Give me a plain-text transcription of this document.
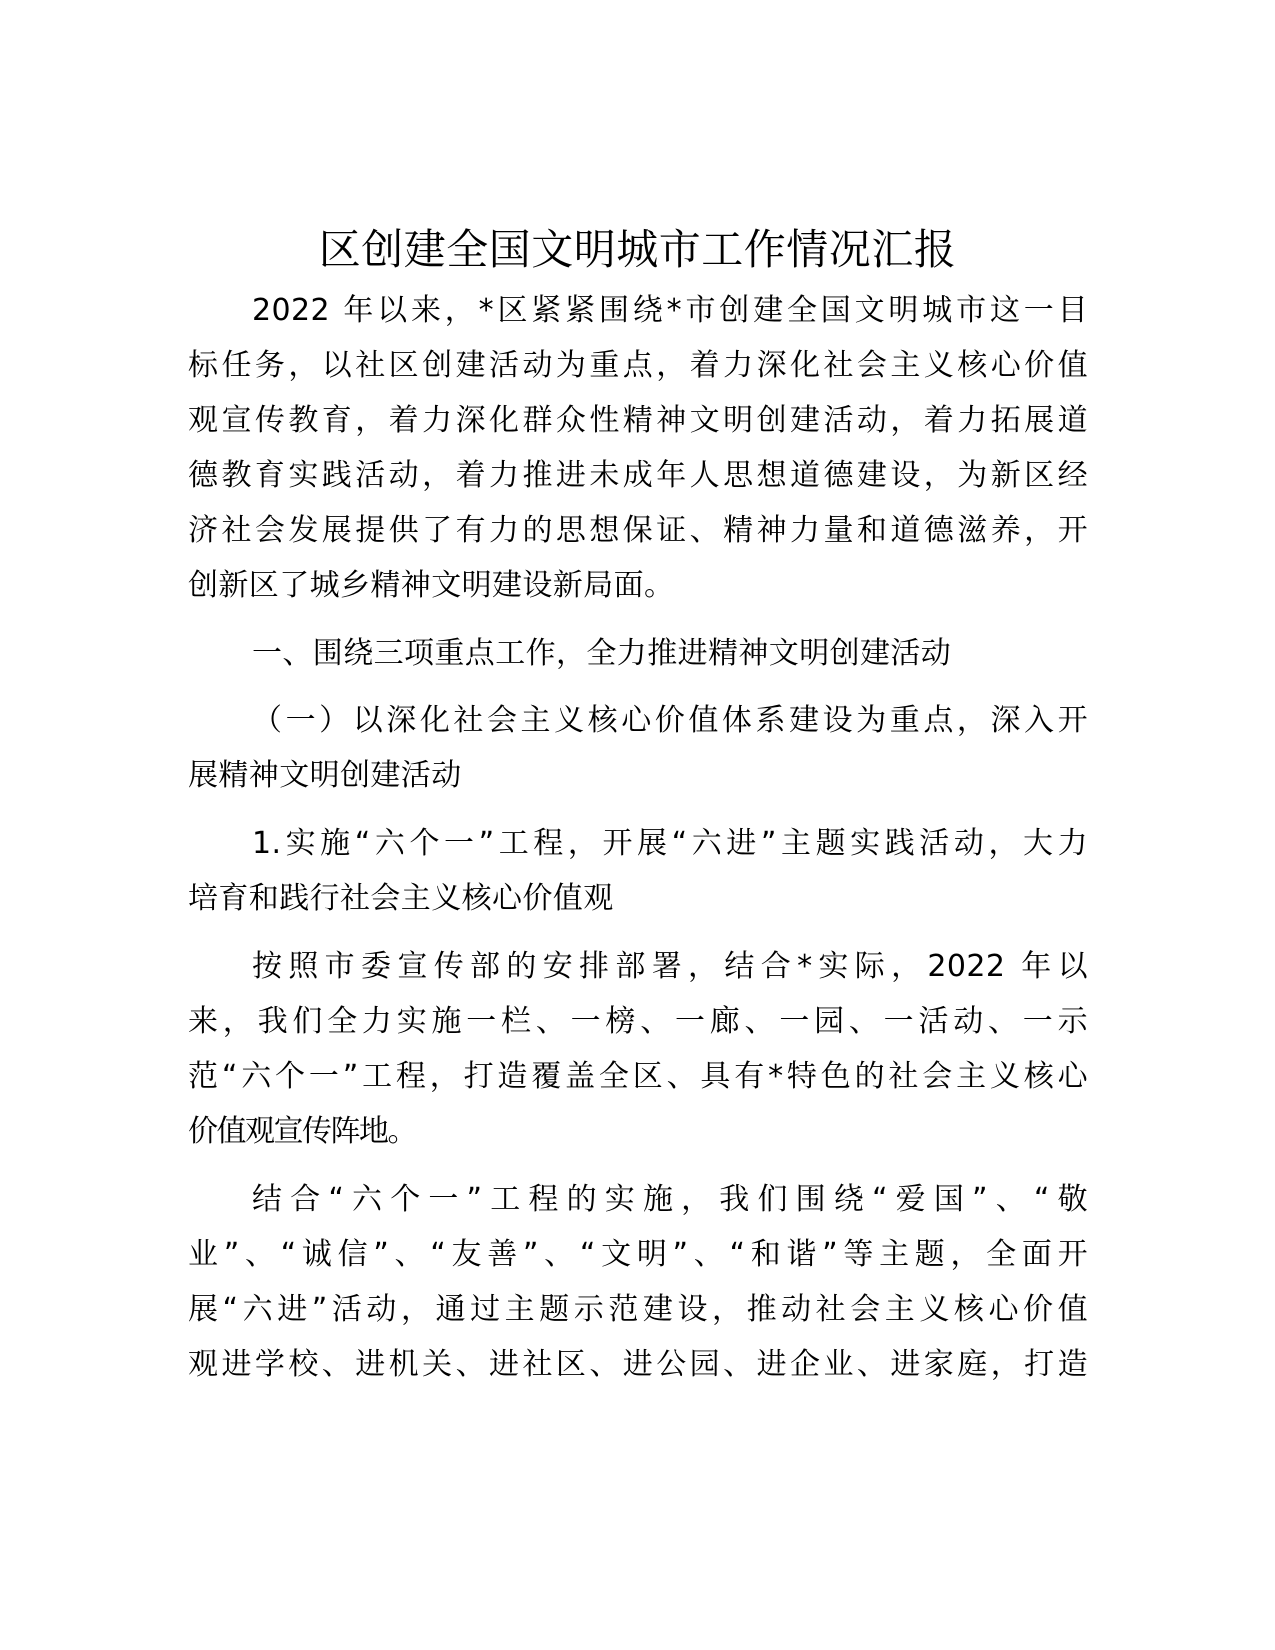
区创建全国文明城市工作情况汇报
2022 年以来，*区紧紧围绕*市创建全国文明城市这一目
标任务，以社区创建活动为重点，着力深化社会主义核心价值
观宣传教育，着力深化群众性精神文明创建活动，着力拓展道
德教育实践活动，着力推进未成年人思想道德建设，为新区经
济社会发展提供了有力的思想保证、精神力量和道德滋养，开
创新区了城乡精神文明建设新局面。
一、围绕三项重点工作，全力推进精神文明创建活动
（一）以深化社会主义核心价值体系建设为重点，深入开
展精神文明创建活动
1.实施“六个一”工程，开展“六进”主题实践活动，大力
培育和践行社会主义核心价值观
按照市委宣传部的安排部署，结合*实际，2022 年以
来，我们全力实施一栏、一榜、一廊、一园、一活动、一示
范“六个一”工程，打造覆盖全区、具有*特色的社会主义核心
价值观宣传阵地。
结合“六个一”工程的实施，我们围绕“爱国”、“敬
业”、“诚信”、“友善”、“文明”、“和谐”等主题，全面开
展“六进”活动，通过主题示范建设，推动社会主义核心价值
观进学校、进机关、进社区、进公园、进企业、进家庭，打造
